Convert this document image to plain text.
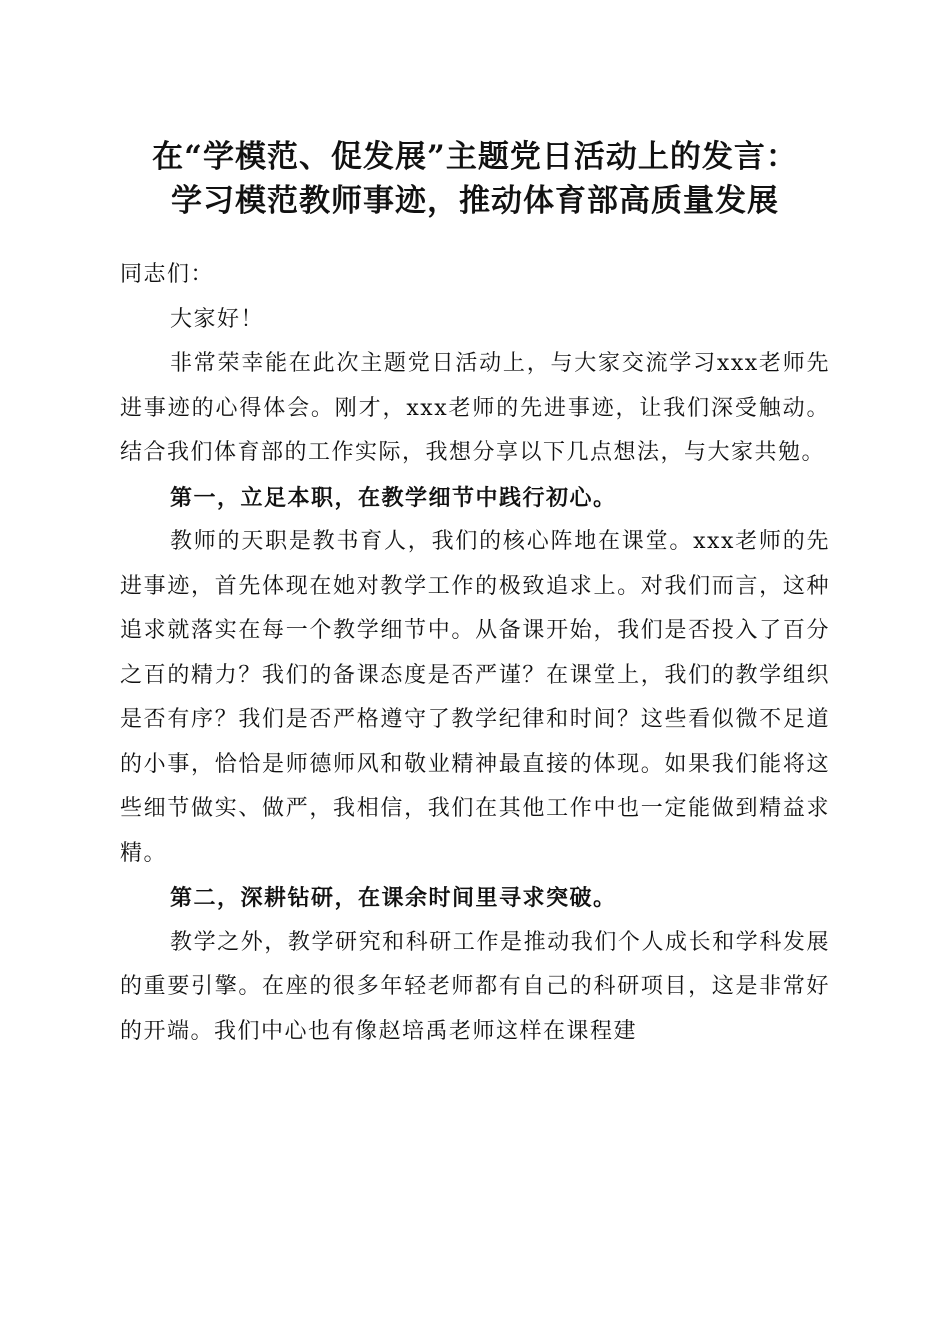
在“学模范、促发展”主题党日活动上的发言：
学习模范教师事迹，推动体育部高质量发展

同志们：

大家好！

非常荣幸能在此次主题党日活动上，与大家交流学习xxx老师先进事迹的心得体会。刚才，xxx老师的先进事迹，让我们深受触动。结合我们体育部的工作实际，我想分享以下几点想法，与大家共勉。

第一，立足本职，在教学细节中践行初心。

教师的天职是教书育人，我们的核心阵地在课堂。xxx老师的先进事迹，首先体现在她对教学工作的极致追求上。对我们而言，这种追求就落实在每一个教学细节中。从备课开始，我们是否投入了百分之百的精力？我们的备课态度是否严谨？在课堂上，我们的教学组织是否有序？我们是否严格遵守了教学纪律和时间？这些看似微不足道的小事，恰恰是师德师风和敬业精神最直接的体现。如果我们能将这些细节做实、做严，我相信，我们在其他工作中也一定能做到精益求精。

第二，深耕钻研，在课余时间里寻求突破。

教学之外，教学研究和科研工作是推动我们个人成长和学科发展的重要引擎。在座的很多年轻老师都有自己的科研项目，这是非常好的开端。我们中心也有像赵培禹老师这样在课程建
